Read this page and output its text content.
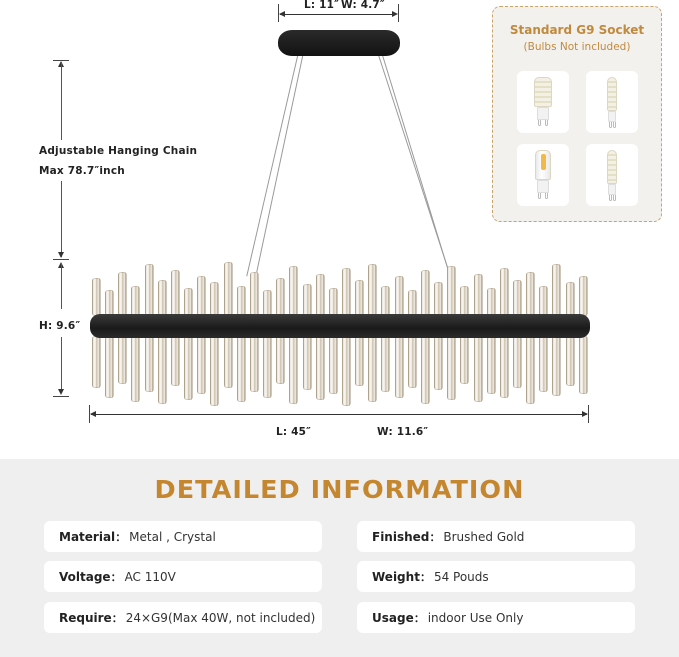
L: 11″ W: 4.7″
Adjustable Hanging Chain
Max 78.7″inch
H: 9.6″
L: 45″	W: 11.6″
Standard G9 Socket
(Bulbs Not included)
DETAILED INFORMATION
Material： Metal , Crystal	Finished： Brushed Gold
Voltage： AC 110V	Weight： 54 Pouds
Require： 24×G9(Max 40W, not included)	Usage： indoor Use Only
